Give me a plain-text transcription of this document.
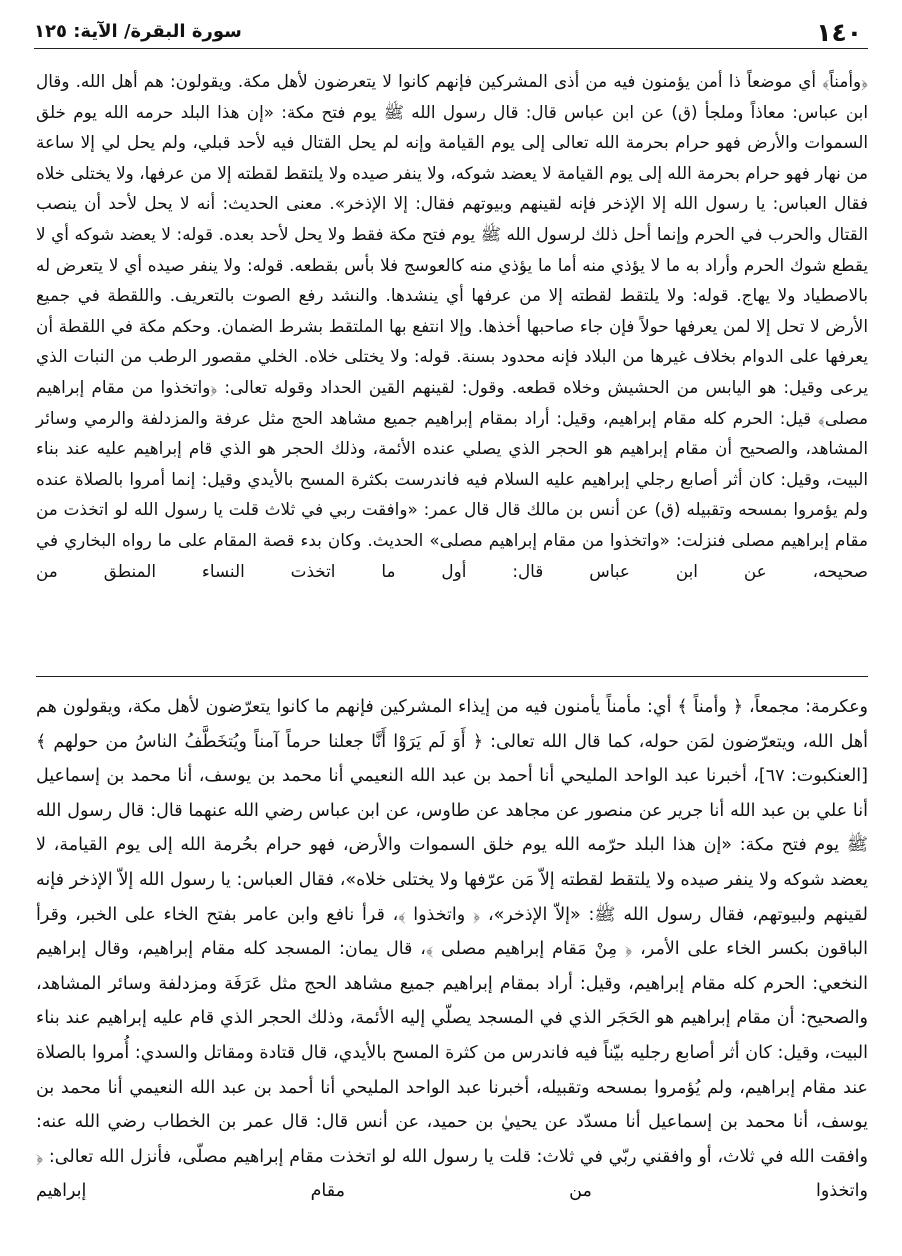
١٤٠
سورة البقرة/ الآية: ١٢٥

﴿وأمناً﴾ أي موضعاً ذا أمن يؤمنون فيه من أذى المشركين فإنهم كانوا لا يتعرضون لأهل مكة. ويقولون: هم أهل الله. وقال ابن عباس: معاذاً وملجأ (ق) عن ابن عباس قال: قال رسول الله ﷺ يوم فتح مكة: «إن هذا البلد حرمه الله يوم خلق السموات والأرض فهو حرام بحرمة الله تعالى إلى يوم القيامة وإنه لم يحل القتال فيه لأحد قبلي، ولم يحل لي إلا ساعة من نهار فهو حرام بحرمة الله إلى يوم القيامة لا يعضد شوكه، ولا ينفر صيده ولا يلتقط لقطته إلا من عرفها، ولا يختلى خلاه فقال العباس: يا رسول الله إلا الإذخر فإنه لقينهم وبيوتهم فقال: إلا الإذخر». معنى الحديث: أنه لا يحل لأحد أن ينصب القتال والحرب في الحرم وإنما أحل ذلك لرسول الله ﷺ يوم فتح مكة فقط ولا يحل لأحد بعده. قوله: لا يعضد شوكه أي لا يقطع شوك الحرم وأراد به ما لا يؤذي منه أما ما يؤذي منه كالعوسج فلا بأس بقطعه. قوله: ولا ينفر صيده أي لا يتعرض له بالاصطياد ولا يهاج. قوله: ولا يلتقط لقطته إلا من عرفها أي ينشدها. والنشد رفع الصوت بالتعريف. واللقطة في جميع الأرض لا تحل إلا لمن يعرفها حولاً فإن جاء صاحبها أخذها. وإلا انتفع بها الملتقط بشرط الضمان. وحكم مكة في اللقطة أن يعرفها على الدوام بخلاف غيرها من البلاد فإنه محدود بسنة. قوله: ولا يختلى خلاه. الخلي مقصور الرطب من النبات الذي يرعى وقيل: هو اليابس من الحشيش وخلاه قطعه. وقول: لقينهم القين الحداد وقوله تعالى: ﴿واتخذوا من مقام إبراهيم مصلى﴾ قيل: الحرم كله مقام إبراهيم، وقيل: أراد بمقام إبراهيم جميع مشاهد الحج مثل عرفة والمزدلفة والرمي وسائر المشاهد، والصحيح أن مقام إبراهيم هو الحجر الذي يصلي عنده الأئمة، وذلك الحجر هو الذي قام إبراهيم عليه عند بناء البيت، وقيل: كان أثر أصابع رجلي إبراهيم عليه السلام فيه فاندرست بكثرة المسح بالأيدي وقيل: إنما أمروا بالصلاة عنده ولم يؤمروا بمسحه وتقبيله (ق) عن أنس بن مالك قال قال عمر: «وافقت ربي في ثلاث قلت يا رسول الله لو اتخذت من مقام إبراهيم مصلى فنزلت: «واتخذوا من مقام إبراهيم مصلى» الحديث. وكان بدء قصة المقام على ما رواه البخاري في صحيحه، عن ابن عباس قال: أول ما اتخذت النساء المنطق من

وعكرمة: مجمعاً، ﴿ وأمناً ﴾ أي: مأمناً يأمنون فيه من إيذاء المشركين فإنهم ما كانوا يتعرّضون لأهل مكة، ويقولون هم أهل الله، ويتعرّضون لمَن حوله، كما قال الله تعالى: ﴿ أَوَ لَم يَرَوْا أَنَّا جعلنا حرماً آمناً ويُتخَطَّفُ الناسُ من حولهم ﴾ [العنكبوت: ٦٧]، أخبرنا عبد الواحد المليحي أنا أحمد بن عبد الله النعيمي أنا محمد بن يوسف، أنا محمد بن إسماعيل أنا علي بن عبد الله أنا جرير عن منصور عن مجاهد عن طاوس، عن ابن عباس رضي الله عنهما قال: قال رسول الله ﷺ يوم فتح مكة: «إن هذا البلد حرّمه الله يوم خلق السموات والأرض، فهو حرام بحُرمة الله إلى يوم القيامة، لا يعضد شوكه ولا ينفر صيده ولا يلتقط لقطته إلاّ مَن عرّفها ولا يختلى خلاه»، فقال العباس: يا رسول الله إلاّ الإذخر فإنه لقينهم ولبيوتهم، فقال رسول الله ﷺ: «إلاّ الإذخر»، ﴿ واتخذوا ﴾، قرأ نافع وابن عامر بفتح الخاء على الخبر، وقرأ الباقون بكسر الخاء على الأمر، ﴿ مِنْ مَقام إبراهيم مصلى ﴾، قال يمان: المسجد كله مقام إبراهيم، وقال إبراهيم النخعي: الحرم كله مقام إبراهيم، وقيل: أراد بمقام إبراهيم جميع مشاهد الحج مثل عَرَفَة ومزدلفة وسائر المشاهد، والصحيح: أن مقام إبراهيم هو الحَجَر الذي في المسجد يصلّي إليه الأئمة، وذلك الحجر الذي قام عليه إبراهيم عند بناء البيت، وقيل: كان أثر أصابع رجليه بيّناً فيه فاندرس من كثرة المسح بالأيدي، قال قتادة ومقاتل والسدي: أُمروا بالصلاة عند مقام إبراهيم، ولم يُؤمروا بمسحه وتقبيله، أخبرنا عبد الواحد المليحي أنا أحمد بن عبد الله النعيمي أنا محمد بن يوسف، أنا محمد بن إسماعيل أنا مسدّد عن يحييٰ بن حميد، عن أنس قال: قال عمر بن الخطاب رضي الله عنه: وافقت الله في ثلاث، أو وافقني ربّي في ثلاث: قلت يا رسول الله لو اتخذت مقام إبراهيم مصلّى، فأنزل الله تعالى: ﴿ واتخذوا من مقام إبراهيم
